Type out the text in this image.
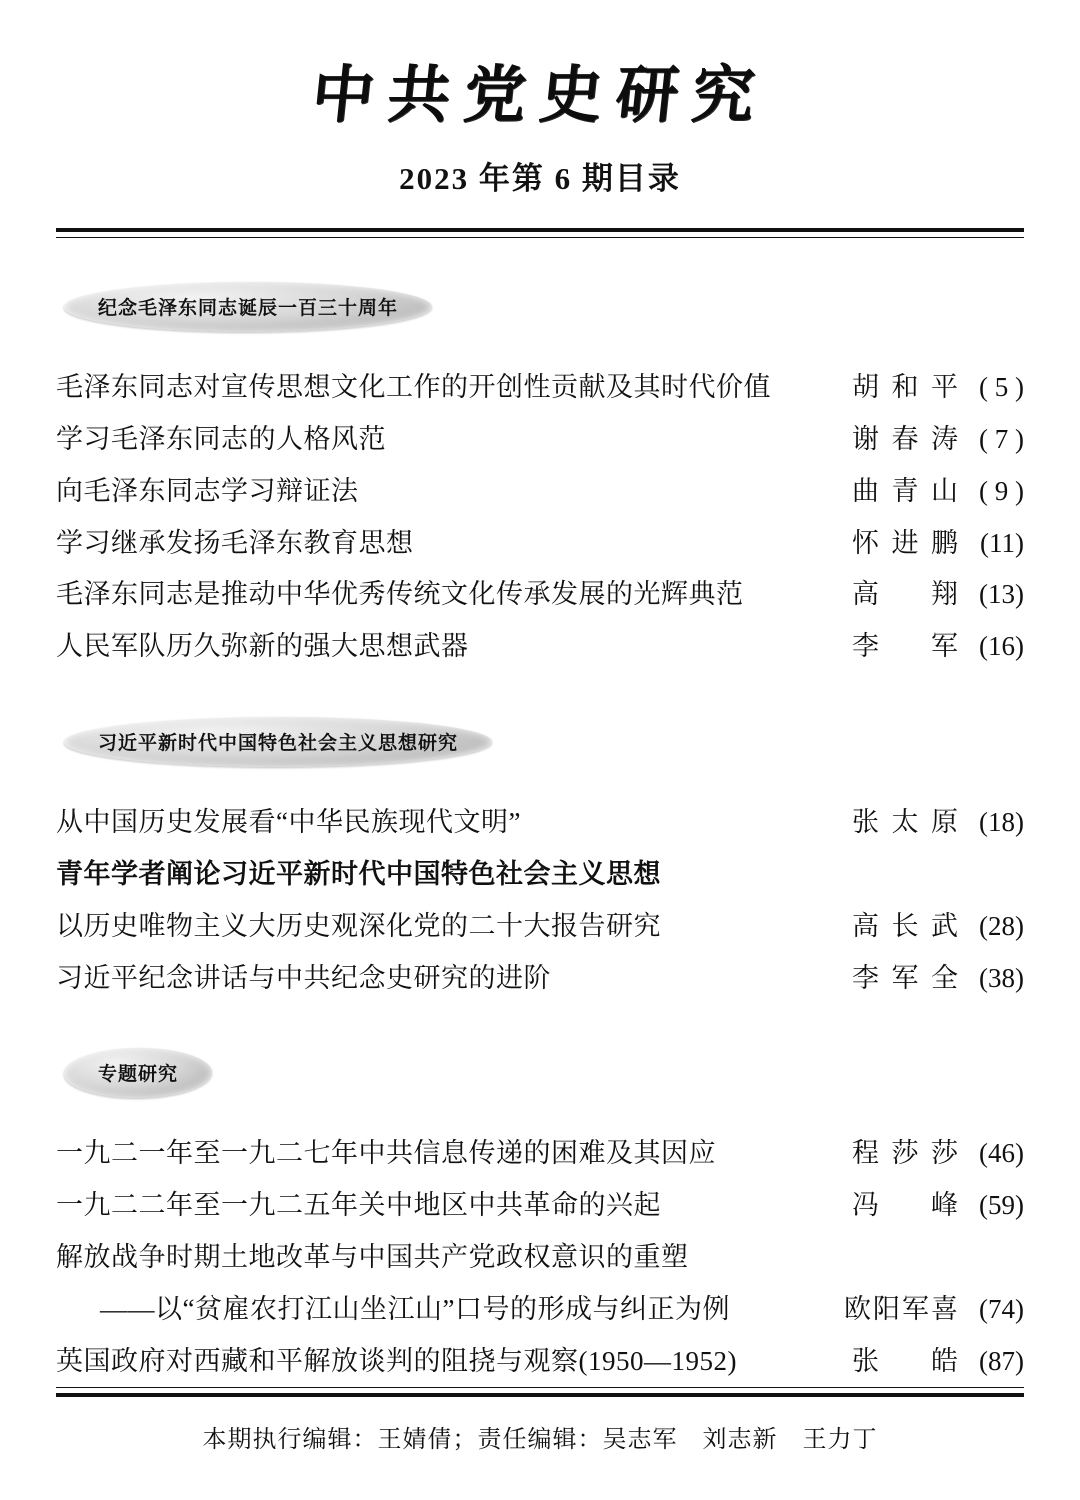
中共党史研究
2023 年第 6 期目录
纪念毛泽东同志诞辰一百三十周年
毛泽东同志对宣传思想文化工作的开创性贡献及其时代价值	胡和平 ( 5 )
学习毛泽东同志的人格风范	谢春涛 ( 7 )
向毛泽东同志学习辩证法	曲青山 ( 9 )
学习继承发扬毛泽东教育思想	怀进鹏 (11)
毛泽东同志是推动中华优秀传统文化传承发展的光辉典范	高　翔 (13)
人民军队历久弥新的强大思想武器	李　军 (16)
习近平新时代中国特色社会主义思想研究
从中国历史发展看“中华民族现代文明”	张太原 (18)
青年学者阐论习近平新时代中国特色社会主义思想
以历史唯物主义大历史观深化党的二十大报告研究	高长武 (28)
习近平纪念讲话与中共纪念史研究的进阶	李军全 (38)
专题研究
一九二一年至一九二七年中共信息传递的困难及其因应	程莎莎 (46)
一九二二年至一九二五年关中地区中共革命的兴起	冯　峰 (59)
解放战争时期土地改革与中国共产党政权意识的重塑
——以“贫雇农打江山坐江山”口号的形成与纠正为例	欧阳军喜 (74)
英国政府对西藏和平解放谈判的阻挠与观察(1950—1952)	张　皓 (87)
本期执行编辑：王婧倩；责任编辑：吴志军　刘志新　王力丁
